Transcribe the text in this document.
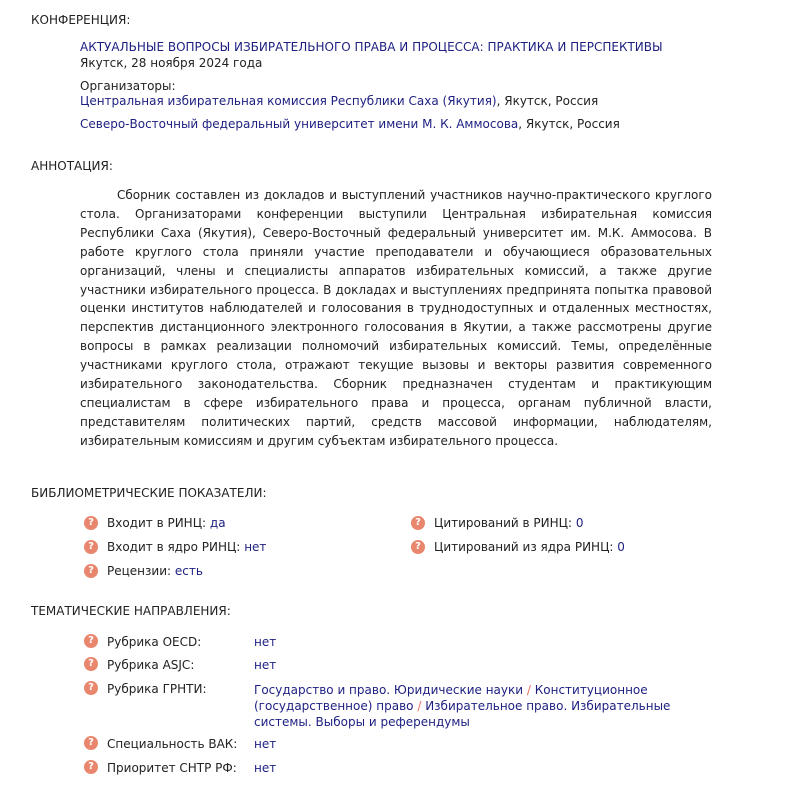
КОНФЕРЕНЦИЯ:
АКТУАЛЬНЫЕ ВОПРОСЫ ИЗБИРАТЕЛЬНОГО ПРАВА И ПРОЦЕССА: ПРАКТИКА И ПЕРСПЕКТИВЫ
Якутск, 28 ноября 2024 года
Организаторы:
Центральная избирательная комиссия Республики Саха (Якутия), Якутск, Россия
Северо-Восточный федеральный университет имени М. К. Аммосова, Якутск, Россия
АННОТАЦИЯ:
Сборник составлен из докладов и выступлений участников научно-практического круглого стола. Организаторами конференции выступили Центральная избирательная комиссия Республики Саха (Якутия), Северо-Восточный федеральный университет им. М.К. Аммосова. В работе круглого стола приняли участие преподаватели и обучающиеся образовательных организаций, члены и специалисты аппаратов избирательных комиссий, а также другие участники избирательного процесса. В докладах и выступлениях предпринята попытка правовой оценки институтов наблюдателей и голосования в труднодоступных и отдаленных местностях, перспектив дистанционного электронного голосования в Якутии, а также рассмотрены другие вопросы в рамках реализации полномочий избирательных комиссий. Темы, определённые участниками круглого стола, отражают текущие вызовы и векторы развития современного избирательного законодательства. Сборник предназначен студентам и практикующим специалистам в сфере избирательного права и процесса, органам публичной власти, представителям политических партий, средств массовой информации, наблюдателям, избирательным комиссиям и другим субъектам избирательного процесса.
БИБЛИОМЕТРИЧЕСКИЕ ПОКАЗАТЕЛИ:
?	Входит в РИНЦ: да
?	Входит в ядро РИНЦ: нет
?	Рецензии: есть
?	Цитирований в РИНЦ: 0
?	Цитирований из ядра РИНЦ: 0
ТЕМАТИЧЕСКИЕ НАПРАВЛЕНИЯ:
?	Рубрика OECD:	нет
?	Рубрика ASJC:	нет
?	Рубрика ГРНТИ:	Государство и право. Юридические науки / Конституционное (государственное) право / Избирательное право. Избирательные системы. Выборы и референдумы
?	Специальность ВАК: нет
?	Приоритет СНТР РФ: нет
